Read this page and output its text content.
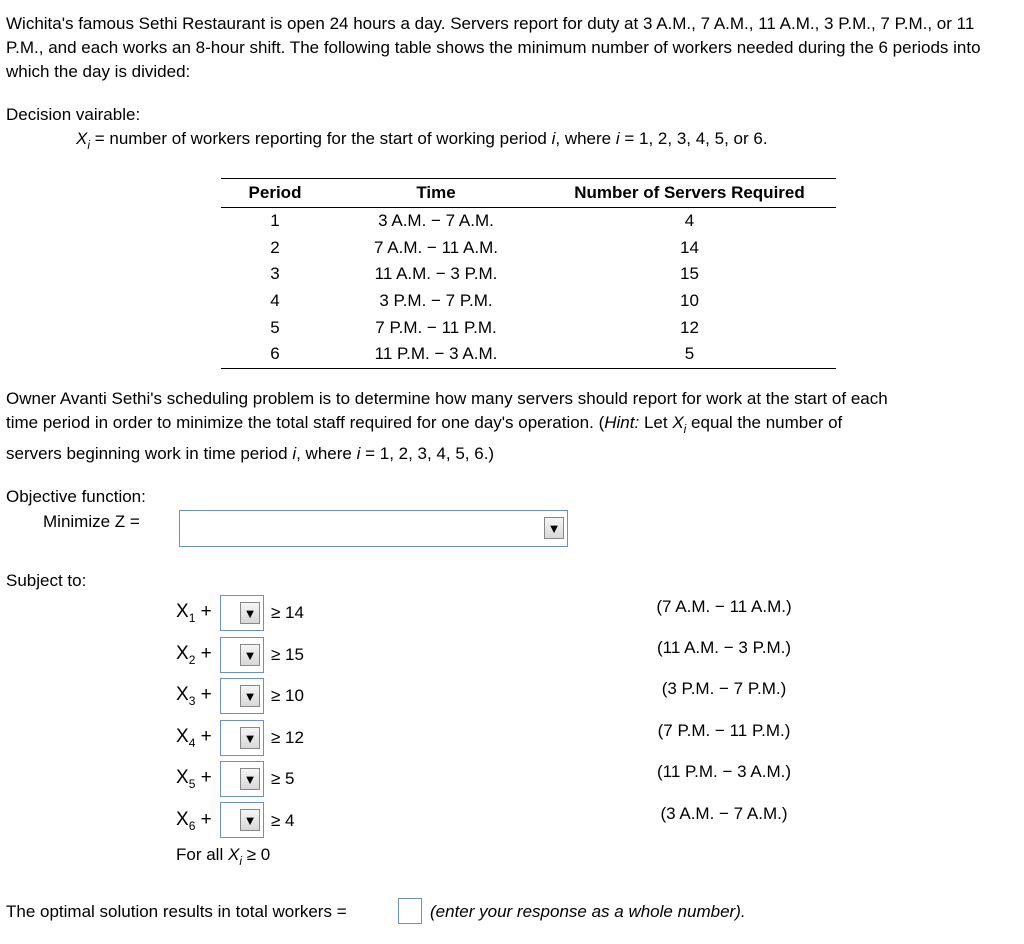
Wichita's famous Sethi Restaurant is open 24 hours a day. Servers report for duty at 3 A.M., 7 A.M., 11 A.M., 3 P.M., 7 P.M., or 11 P.M., and each works an 8-hour shift. The following table shows the minimum number of workers needed during the 6 periods into which the day is divided:
Decision vairable:
$X_i$ = number of workers reporting for the start of working period i, where i = 1, 2, 3, 4, 5, or 6.
Period	Time	Number of Servers Required
1	3 A.M. − 7 A.M.	4
2	7 A.M. − 11 A.M.	14
3	11 A.M. − 3 P.M.	15
4	3 P.M. − 7 P.M.	10
5	7 P.M. − 11 P.M.	12
6	11 P.M. − 3 A.M.	5
Owner Avanti Sethi's scheduling problem is to determine how many servers should report for work at the start of each
time period in order to minimize the total staff required for one day's operation. (Hint: Let $X_i$ equal the number of
servers beginning work in time period i, where i = 1, 2, 3, 4, 5, 6.)
Objective function:
Minimize Z =	▼
Subject to:
$X_1$ + ▼ ≥ 14	(7 A.M. − 11 A.M.)
$X_2$ + ▼ ≥ 15	(11 A.M. − 3 P.M.)
$X_3$ + ▼ ≥ 10	(3 P.M. − 7 P.M.)
$X_4$ + ▼ ≥ 12	(7 P.M. − 11 P.M.)
$X_5$ + ▼ ≥ 5	(11 P.M. − 3 A.M.)
$X_6$ + ▼ ≥ 4	(3 A.M. − 7 A.M.)
For all $X_i \ge 0$
The optimal solution results in total workers =	(enter your response as a whole number).
